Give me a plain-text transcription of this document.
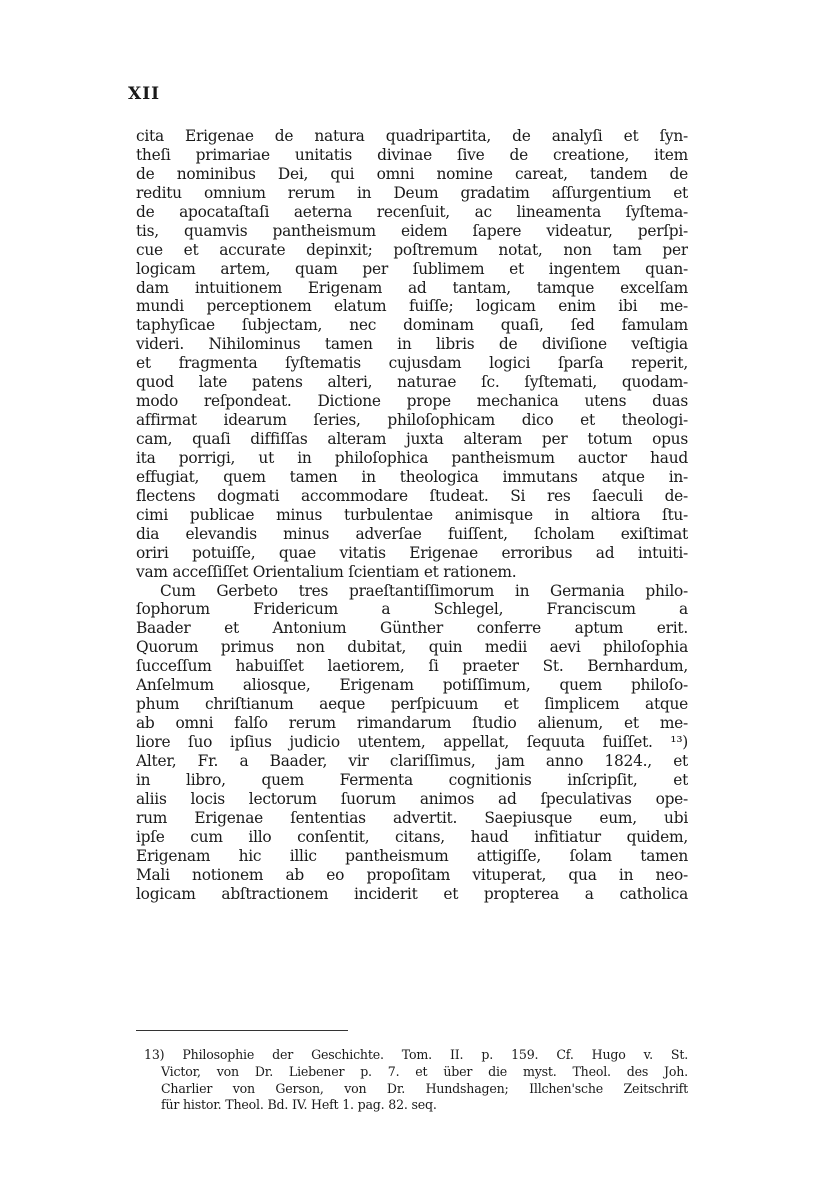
XII
cita Erigenae de natura quadripartita, de analyſi et ſyn-
theſi primariae unitatis divinae ſive de creatione, item
de nominibus Dei, qui omni nomine careat, tandem de
reditu omnium rerum in Deum gradatim aſſurgentium et
de apocataſtaſi aeterna recenſuit, ac lineamenta ſyſtema-
tis, quamvis pantheismum eidem ſapere videatur, perſpi-
cue et accurate depinxit; poſtremum notat, non tam per
logicam artem, quam per ſublimem et ingentem quan-
dam intuitionem Erigenam ad tantam, tamque excelſam
mundi perceptionem elatum fuiſſe; logicam enim ibi me-
taphyſicae ſubjectam, nec dominam quaſi, ſed famulam
videri. Nihilominus tamen in libris de diviſione veſtigia
et fragmenta ſyſtematis cujusdam logici ſparſa reperit,
quod late patens alteri, naturae ſc. ſyſtemati, quodam-
modo reſpondeat. Dictione prope mechanica utens duas
affirmat idearum ſeries, philoſophicam dico et theologi-
cam, quaſi diffiſſas alteram juxta alteram per totum opus
ita porrigi, ut in philoſophica pantheismum auctor haud
effugiat, quem tamen in theologica immutans atque in-
flectens dogmati accommodare ſtudeat. Si res ſaeculi de-
cimi publicae minus turbulentae animisque in altiora ſtu-
dia elevandis minus adverſae fuiſſent, ſcholam exiſtimat
oriri potuiſſe, quae vitatis Erigenae erroribus ad intuiti-
vam acceſſiſſet Orientalium ſcientiam et rationem.
Cum Gerbeto tres praeſtantiſſimorum in Germania philo-
ſophorum Fridericum a Schlegel, Franciscum a
Baader et Antonium Günther conferre aptum erit.
Quorum primus non dubitat, quin medii aevi philoſophia
ſucceſſum habuiſſet laetiorem, ſi praeter St. Bernhardum,
Anſelmum aliosque, Erigenam potiſſimum, quem philoſo-
phum chriſtianum aeque perſpicuum et ſimplicem atque
ab omni falſo rerum rimandarum ſtudio alienum, et me-
liore ſuo ipſius judicio utentem, appellat, ſequuta fuiſſet. ¹³)
Alter, Fr. a Baader, vir clariſſimus, jam anno 1824., et
in libro, quem Fermenta cognitionis inſcripſit, et
aliis locis lectorum ſuorum animos ad ſpeculativas ope-
rum Erigenae ſententias advertit. Saepiusque eum, ubi
ipſe cum illo conſentit, citans, haud infitiatur quidem,
Erigenam hic illic pantheismum attigiſſe, ſolam tamen
Mali notionem ab eo propoſitam vituperat, qua in neo-
logicam abſtractionem inciderit et propterea a catholica
13) Philosophie der Geschichte. Tom. II. p. 159. Cf. Hugo v. St.
Victor, von Dr. Liebener p. 7. et über die myst. Theol. des Joh.
Charlier von Gerson, von Dr. Hundshagen; Illchen'sche Zeitschrift
für histor. Theol. Bd. IV. Heft 1. pag. 82. seq.
